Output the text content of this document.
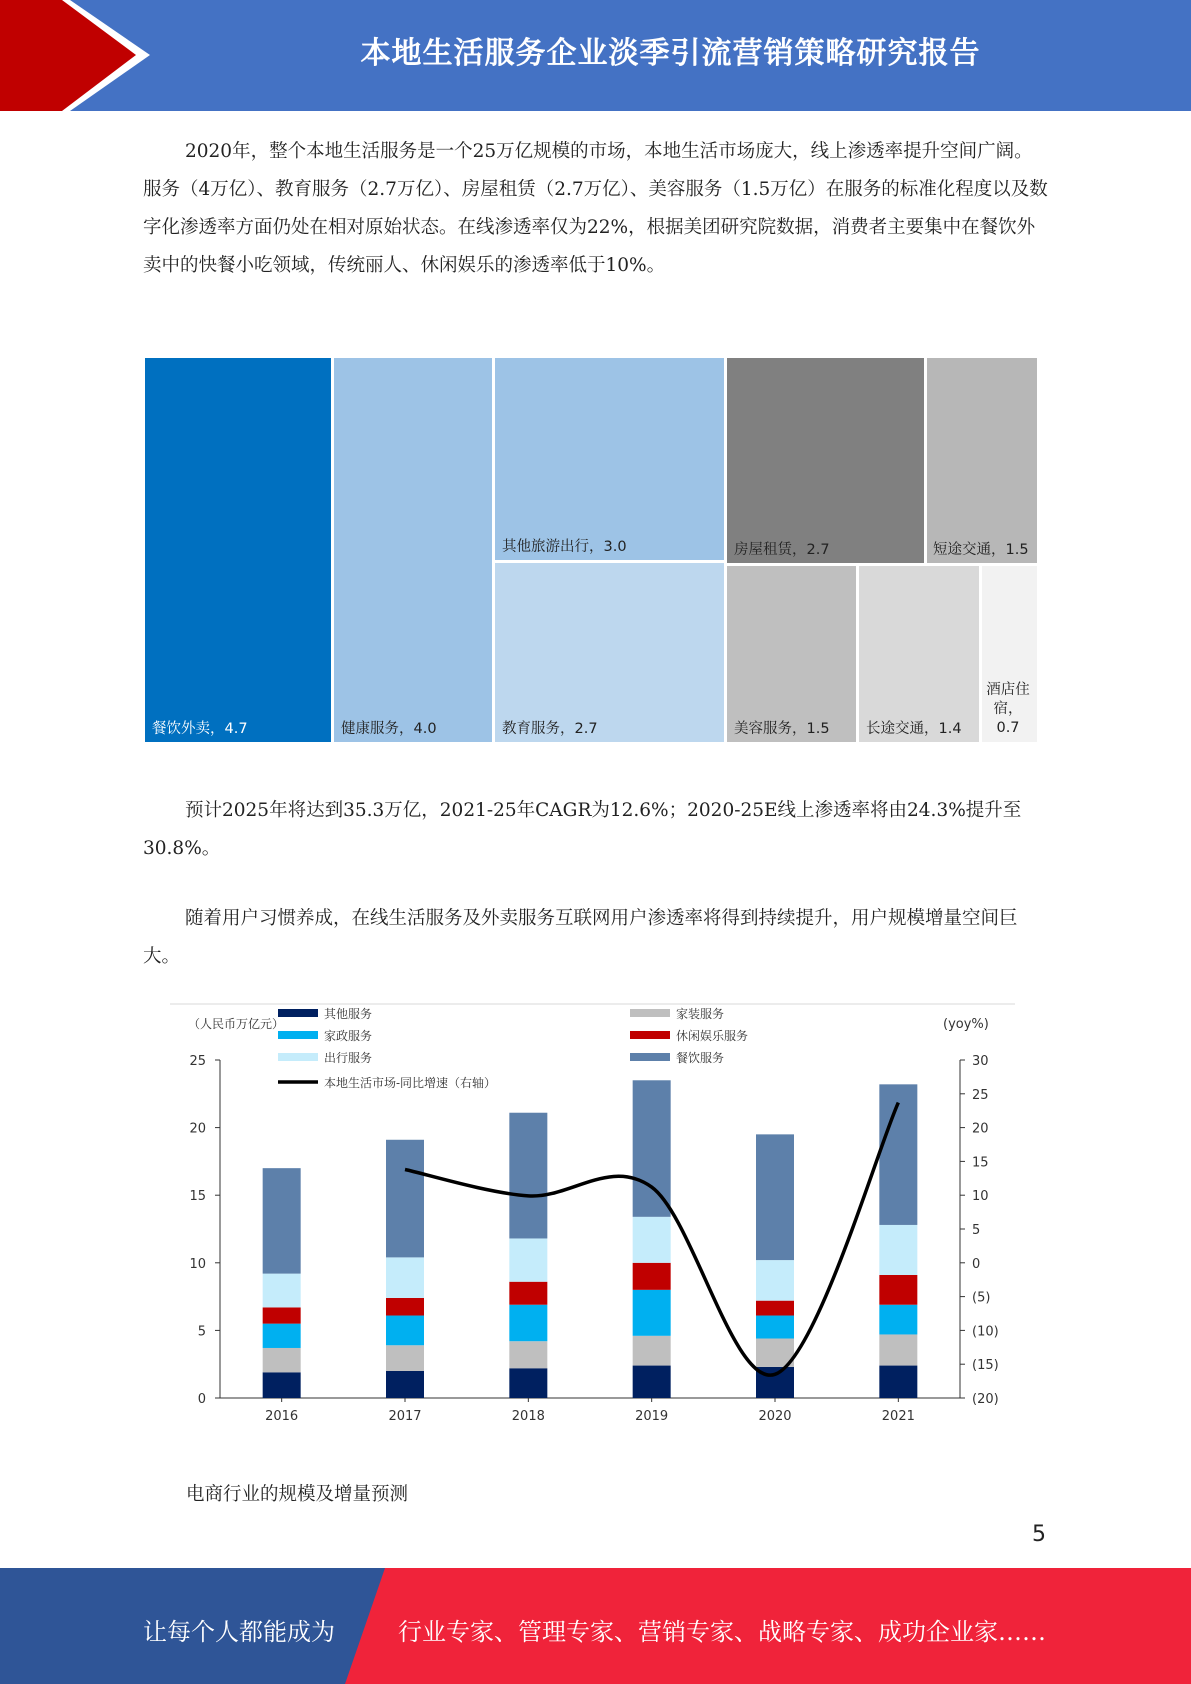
本地生活服务企业淡季引流营销策略研究报告

2020年，整个本地生活服务是一个25万亿规模的市场，本地生活市场庞大，线上渗透率提升空间广阔。服务（4万亿）、教育服务（2.7万亿）、房屋租赁（2.7万亿）、美容服务（1.5万亿）在服务的标准化程度以及数字化渗透率方面仍处在相对原始状态。在线渗透率仅为22%，根据美团研究院数据，消费者主要集中在餐饮外卖中的快餐小吃领域，传统丽人、休闲娱乐的渗透率低于10%。

餐饮外卖，4.7	健康服务，4.0
其他旅游出行，3.0
教育服务，2.7
房屋租赁，2.7	短途交通，1.5
美容服务，1.5	长途交通，1.4
酒店住宿，0.7

预计2025年将达到35.3万亿，2021-25年CAGR为12.6%；2020-25E线上渗透率将由24.3%提升至30.8%。

随着用户习惯养成，在线生活服务及外卖服务互联网用户渗透率将得到持续提升，用户规模增量空间巨大。

（人民币万亿元）	(yoy%)
0
5
10
15
20
25
(20)
(15)
(10)
(5)
0
5
10
15
20
25
30
2016	2017	2018	2019	2020	2021
其他服务
家政服务
出行服务
家装服务
休闲娱乐服务
餐饮服务
本地生活市场-同比增速（右轴）
电商行业的规模及增量预测
5
让每个人都能成为	行业专家、管理专家、营销专家、战略专家、成功企业家……
